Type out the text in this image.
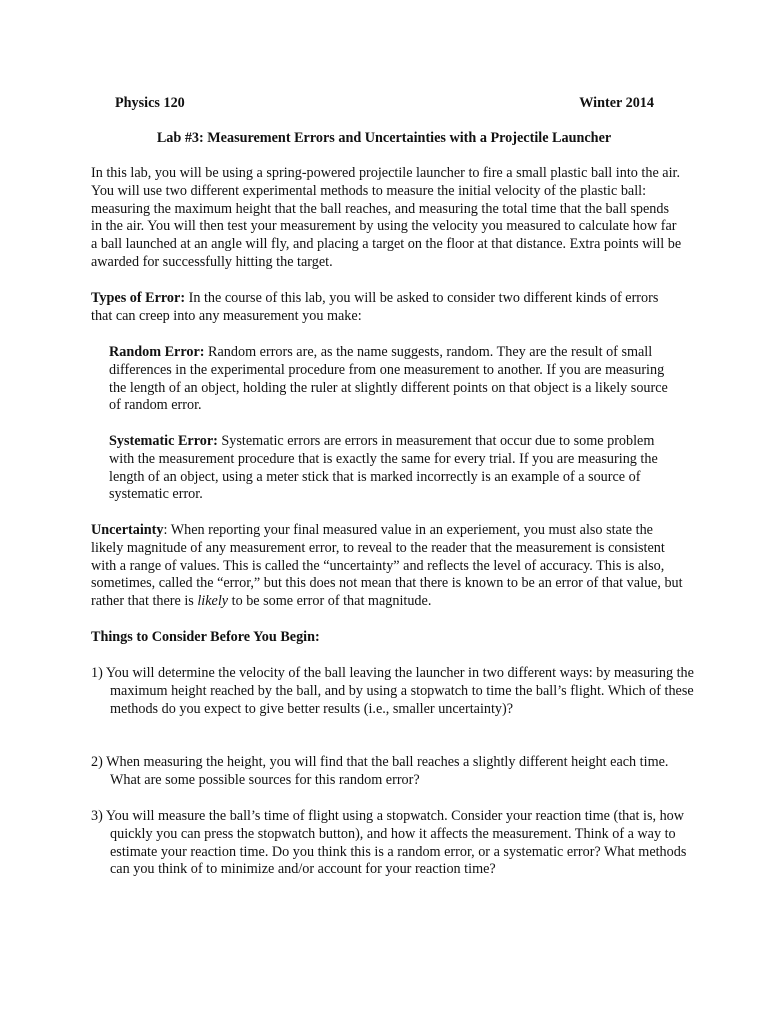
Physics 120	Winter 2014
Lab #3: Measurement Errors and Uncertainties with a Projectile Launcher

In this lab, you will be using a spring-powered projectile launcher to fire a small plastic ball into the air. You will use two different experimental methods to measure the initial velocity of the plastic ball: measuring the maximum height that the ball reaches, and measuring the total time that the ball spends in the air. You will then test your measurement by using the velocity you measured to calculate how far a ball launched at an angle will fly, and placing a target on the floor at that distance. Extra points will be awarded for successfully hitting the target.

Types of Error: In the course of this lab, you will be asked to consider two different kinds of errors that can creep into any measurement you make:

Random Error: Random errors are, as the name suggests, random. They are the result of small differences in the experimental procedure from one measurement to another. If you are measuring the length of an object, holding the ruler at slightly different points on that object is a likely source of random error.

Systematic Error: Systematic errors are errors in measurement that occur due to some problem with the measurement procedure that is exactly the same for every trial. If you are measuring the length of an object, using a meter stick that is marked incorrectly is an example of a source of systematic error.

Uncertainty: When reporting your final measured value in an experiement, you must also state the likely magnitude of any measurement error, to reveal to the reader that the measurement is consistent with a range of values. This is called the “uncertainty” and reflects the level of accuracy. This is also, sometimes, called the “error,” but this does not mean that there is known to be an error of that value, but rather that there is likely to be some error of that magnitude.

Things to Consider Before You Begin:

1) You will determine the velocity of the ball leaving the launcher in two different ways: by measuring the maximum height reached by the ball, and by using a stopwatch to time the ball’s flight. Which of these methods do you expect to give better results (i.e., smaller uncertainty)?

2) When measuring the height, you will find that the ball reaches a slightly different height each time. What are some possible sources for this random error?

3) You will measure the ball’s time of flight using a stopwatch. Consider your reaction time (that is, how quickly you can press the stopwatch button), and how it affects the measurement. Think of a way to estimate your reaction time. Do you think this is a random error, or a systematic error? What methods can you think of to minimize and/or account for your reaction time?
